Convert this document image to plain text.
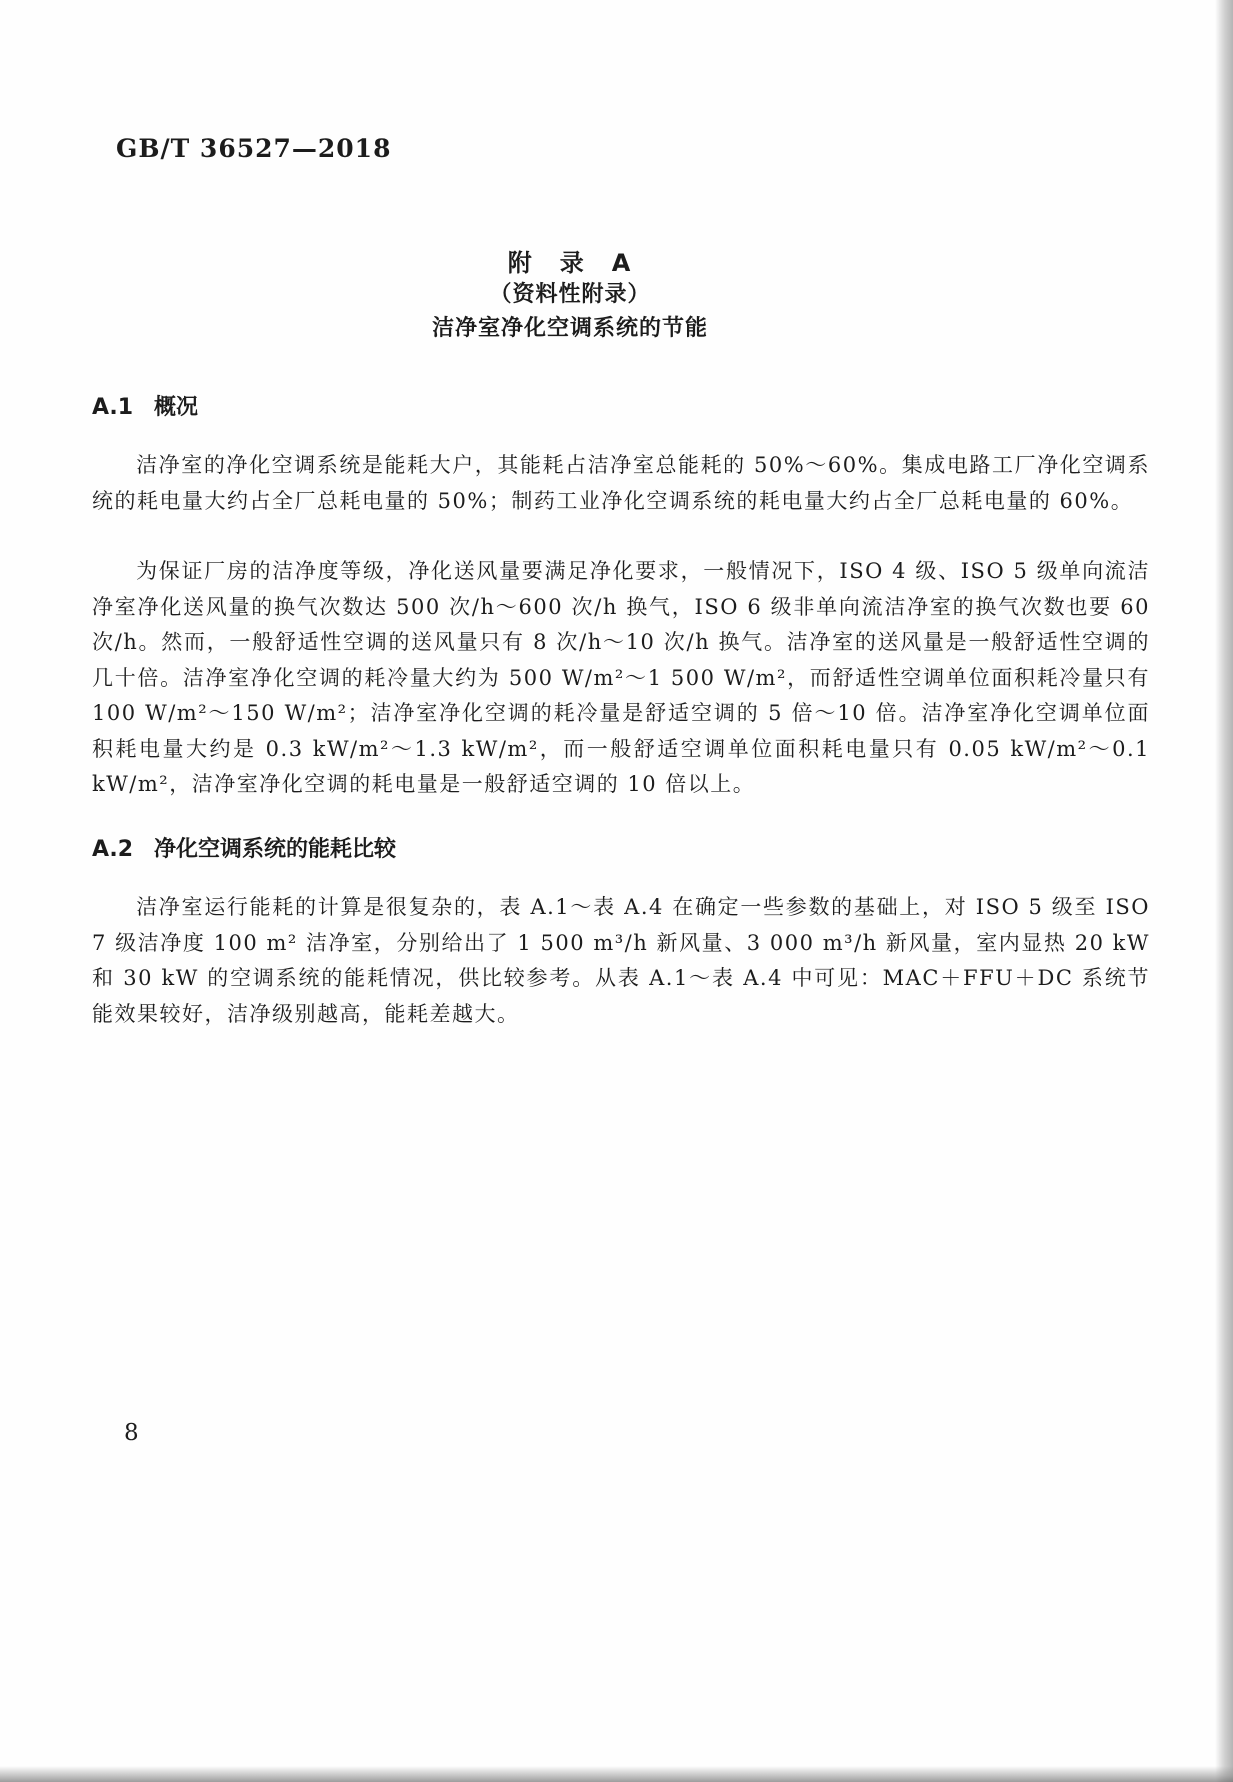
GB/T 36527—2018
附　录　A
（资料性附录）
洁净室净化空调系统的节能
A.1 概况

洁净室的净化空调系统是能耗大户，其能耗占洁净室总能耗的 50%～60%。集成电路工厂净化空调系统的耗电量大约占全厂总耗电量的 50%；制药工业净化空调系统的耗电量大约占全厂总耗电量的 60%。

为保证厂房的洁净度等级，净化送风量要满足净化要求，一般情况下，ISO 4 级、ISO 5 级单向流洁净室净化送风量的换气次数达 500 次/h～600 次/h 换气，ISO 6 级非单向流洁净室的换气次数也要 60 次/h。然而，一般舒适性空调的送风量只有 8 次/h～10 次/h 换气。洁净室的送风量是一般舒适性空调的几十倍。洁净室净化空调的耗冷量大约为 500 W/m²～1 500 W/m²，而舒适性空调单位面积耗冷量只有 100 W/m²～150 W/m²；洁净室净化空调的耗冷量是舒适空调的 5 倍～10 倍。洁净室净化空调单位面积耗电量大约是 0.3 kW/m²～1.3 kW/m²，而一般舒适空调单位面积耗电量只有 0.05 kW/m²～0.1 kW/m²，洁净室净化空调的耗电量是一般舒适空调的 10 倍以上。

A.2 净化空调系统的能耗比较

洁净室运行能耗的计算是很复杂的，表 A.1～表 A.4 在确定一些参数的基础上，对 ISO 5 级至 ISO 7 级洁净度 100 m² 洁净室，分别给出了 1 500 m³/h 新风量、3 000 m³/h 新风量，室内显热 20 kW 和 30 kW 的空调系统的能耗情况，供比较参考。从表 A.1～表 A.4 中可见：MAC＋FFU＋DC 系统节能效果较好，洁净级别越高，能耗差越大。

8
